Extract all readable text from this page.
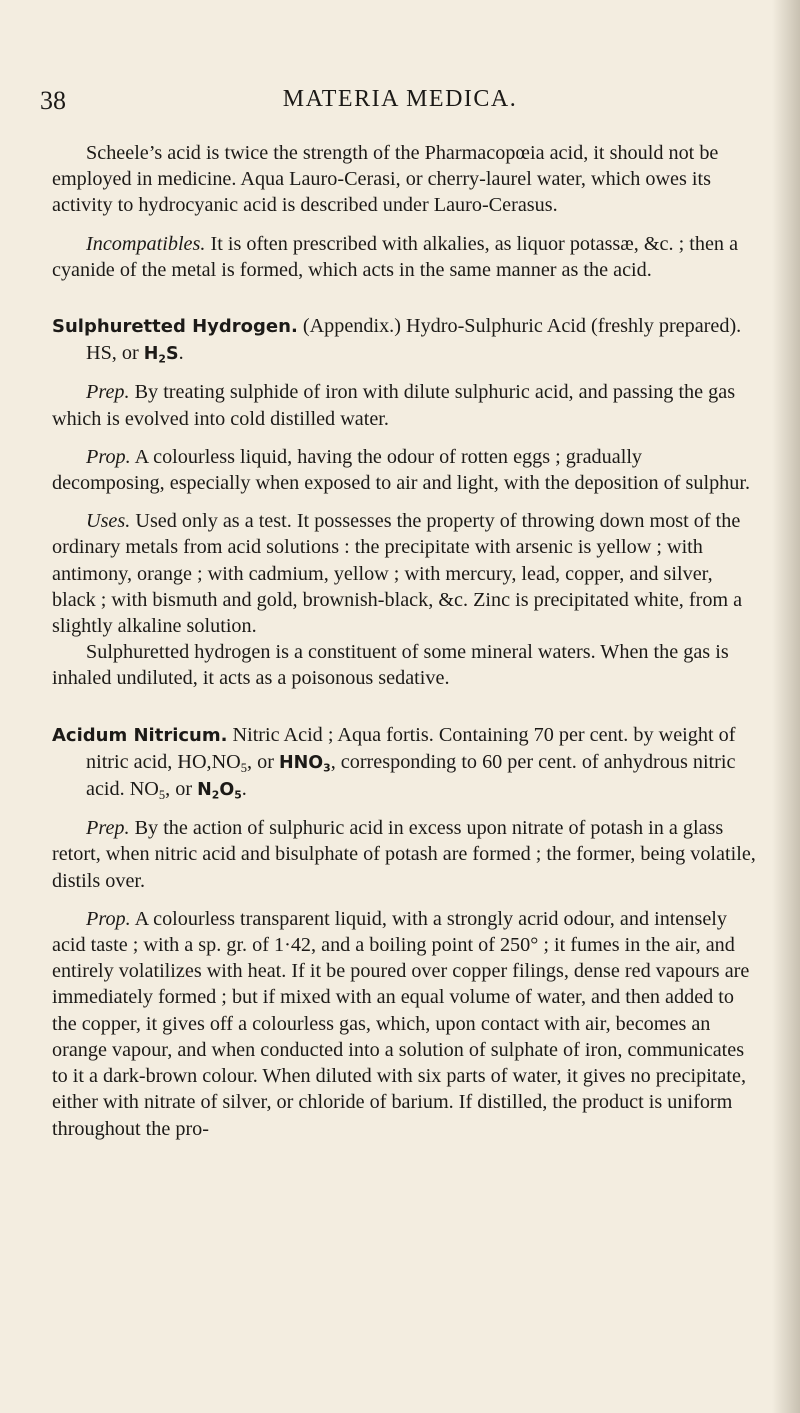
38	MATERIA MEDICA.

Scheele’s acid is twice the strength of the Pharmacopœia acid, it should not be employed in medicine. Aqua Lauro-Cerasi, or cherry-laurel water, which owes its activity to hydrocyanic acid is described under Lauro-Cerasus.

Incompatibles. It is often prescribed with alkalies, as liquor potassæ, &c. ; then a cyanide of the metal is formed, which acts in the same manner as the acid.

Sulphuretted Hydrogen. (Appendix.) Hydro-Sulphuric Acid (freshly prepared). HS, or $H_2S$.

Prep. By treating sulphide of iron with dilute sulphuric acid, and passing the gas which is evolved into cold distilled water.

Prop. A colourless liquid, having the odour of rotten eggs ; gradually decomposing, especially when exposed to air and light, with the deposition of sulphur.

Uses. Used only as a test. It possesses the property of throwing down most of the ordinary metals from acid solutions : the precipitate with arsenic is yellow ; with antimony, orange ; with cadmium, yellow ; with mercury, lead, copper, and silver, black ; with bismuth and gold, brownish-black, &c. Zinc is precipitated white, from a slightly alkaline solution.

Sulphuretted hydrogen is a constituent of some mineral waters. When the gas is inhaled undiluted, it acts as a poisonous sedative.

Acidum Nitricum. Nitric Acid ; Aqua fortis. Containing 70 per cent. by weight of nitric acid, $HO,NO_5$, or $HNO_3$, corresponding to 60 per cent. of anhydrous nitric acid. $NO_5$, or $N_2O_5$.

Prep. By the action of sulphuric acid in excess upon nitrate of potash in a glass retort, when nitric acid and bisulphate of potash are formed ; the former, being volatile, distils over.

Prop. A colourless transparent liquid, with a strongly acrid odour, and intensely acid taste ; with a sp. gr. of 1·42, and a boiling point of 250° ; it fumes in the air, and entirely volatilizes with heat. If it be poured over copper filings, dense red vapours are immediately formed ; but if mixed with an equal volume of water, and then added to the copper, it gives off a colourless gas, which, upon contact with air, becomes an orange vapour, and when conducted into a solution of sulphate of iron, communicates to it a dark-brown colour. When diluted with six parts of water, it gives no precipitate, either with nitrate of silver, or chloride of barium. If distilled, the product is uniform throughout the pro-
